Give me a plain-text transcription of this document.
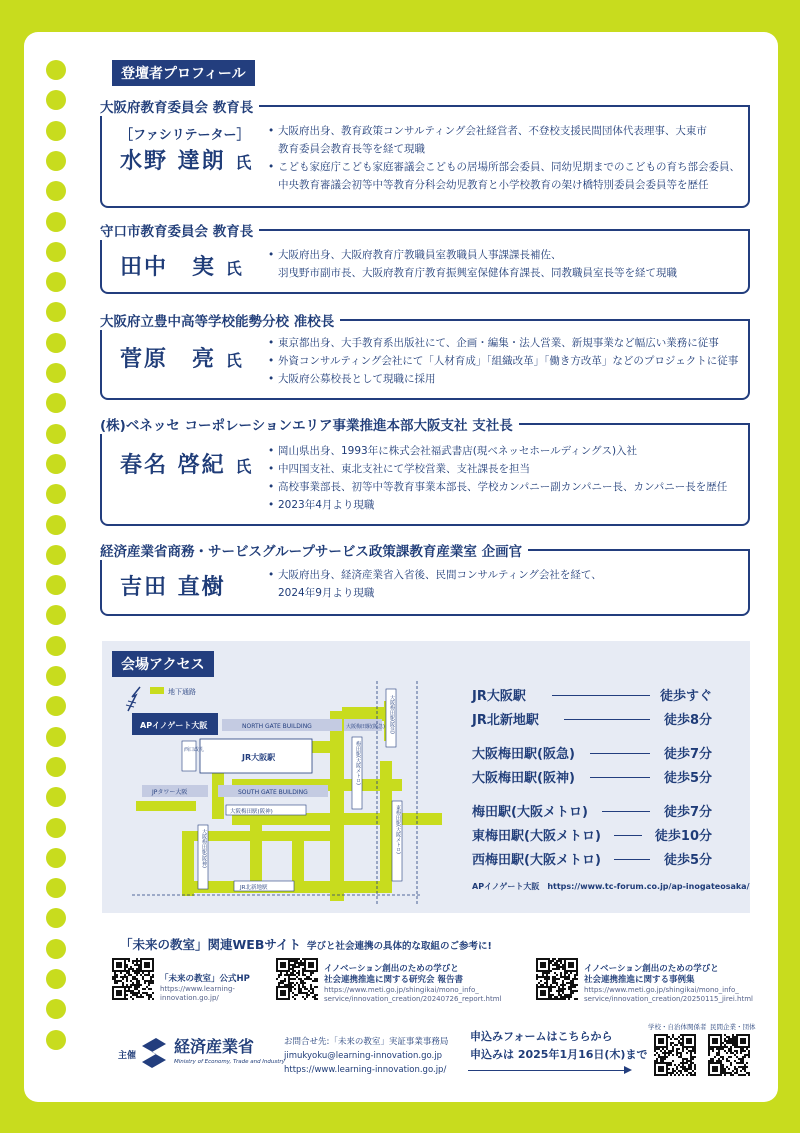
登壇者プロフィール
大阪府教育委員会 教育長
［ファシリテーター］
水野 達朗 氏
• 大阪府出身、教育政策コンサルティング会社経営者、不登校支援民間団体代表理事、大東市
教育委員会教育長等を経て現職
• こども家庭庁こども家庭審議会こどもの居場所部会委員、同幼児期までのこどもの育ち部会委員、
中央教育審議会初等中等教育分科会幼児教育と小学校教育の架け橋特別委員会委員等を歴任
守口市教育委員会 教育長
田中　実 氏
• 大阪府出身、大阪府教育庁教職員室教職員人事課課長補佐、
羽曳野市副市長、大阪府教育庁教育振興室保健体育課長、同教職員室長等を経て現職
大阪府立豊中高等学校能勢分校 准校長
菅原　亮 氏
• 東京都出身、大手教育系出版社にて、企画・編集・法人営業、新規事業など幅広い業務に従事
• 外資コンサルティング会社にて「人材育成」「組織改革」「働き方改革」などのプロジェクトに従事
• 大阪府公募校長として現職に採用
(株)ベネッセ コーポレーションエリア事業推進本部大阪支社 支社長
春名 啓紀 氏
• 岡山県出身、1993年に株式会社福武書店(現ベネッセホールディングス)入社
• 中四国支社、東北支社にて学校営業、支社課長を担当
• 高校事業部長、初等中等教育事業本部長、学校カンパニー副カンパニー長、カンパニー長を歴任
• 2023年4月より現職
経済産業省商務・サービスグループサービス政策課教育産業室 企画官
吉田 直樹
•	大阪府出身、経済産業省入省後、民間コンサルティング会社を経て、
2024年9月より現職
会場アクセス
地下通路
APイノゲート大阪	NORTH GATE BUILDING	大阪梅田駅(阪急)
JR大阪駅
西口改札
JPタワー大阪	SOUTH GATE BUILDING
大阪梅田駅(阪神)
大阪梅田駅(阪急)
梅田駅(大阪メトロ)
大阪梅田駅(阪神)	東梅田駅(大阪メトロ)
JR北新地駅
JR大阪駅	徒歩すぐ
JR北新地駅	徒歩8分
大阪梅田駅(阪急)	徒歩7分
大阪梅田駅(阪神)	徒歩5分
梅田駅(大阪メトロ)	徒歩7分
東梅田駅(大阪メトロ)	徒歩10分
西梅田駅(大阪メトロ)	徒歩5分
APイノゲート大阪　https://www.tc-forum.co.jp/ap-inogateosaka/
「未来の教室」関連WEBサイト 学びと社会連携の具体的な取組のご参考に!
「未来の教室」公式HP
https://www.learning-
innovation.go.jp/
イノベーション創出のための学びと
社会連携推進に関する研究会 報告書
https://www.meti.go.jp/shingikai/mono_info_
service/innovation_creation/20240726_report.html
イノベーション創出のための学びと
社会連携推進に関する事例集
https://www.meti.go.jp/shingikai/mono_info_
service/innovation_creation/20250115_jirei.html
主催 経済産業省
Ministry of Economy, Trade and Industry
お問合せ先:「未来の教室」実証事業事務局
jimukyoku@learning-innovation.go.jp
https://www.learning-innovation.go.jp/
申込みフォームはこちらから
申込みは 2025年1月16日(木)まで
学校・自治体関係者 民間企業・団体
